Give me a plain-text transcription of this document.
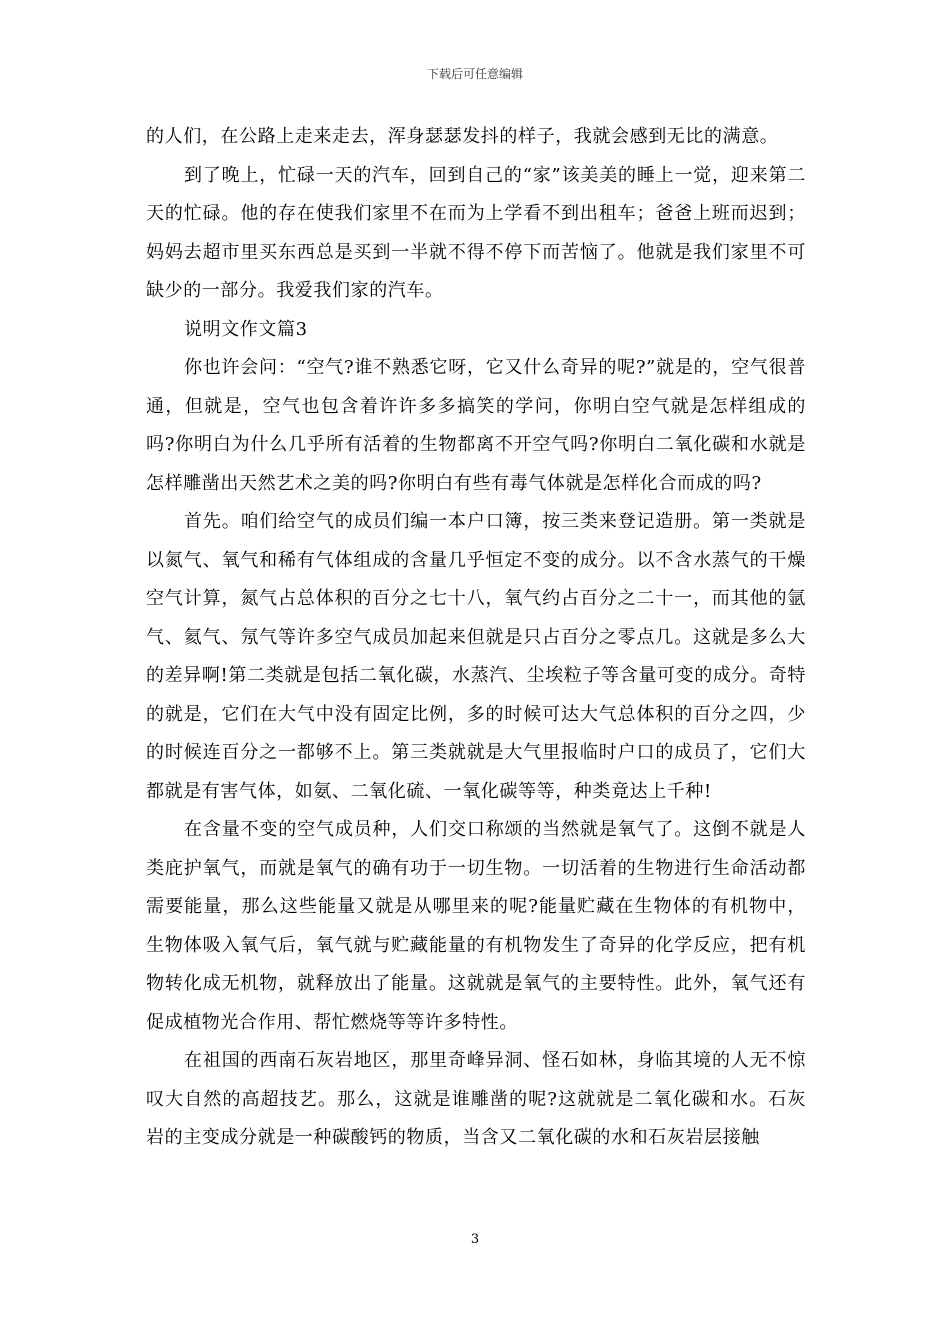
下载后可任意编辑

的人们，在公路上走来走去，浑身瑟瑟发抖的样子，我就会感到无比的满意。

到了晚上，忙碌一天的汽车，回到自己的“家”该美美的睡上一觉，迎来第二天的忙碌。他的存在使我们家里不在而为上学看不到出租车；爸爸上班而迟到；妈妈去超市里买东西总是买到一半就不得不停下而苦恼了。他就是我们家里不可缺少的一部分。我爱我们家的汽车。

说明文作文篇3

你也许会问：“空气?谁不熟悉它呀，它又什么奇异的呢?”就是的，空气很普通，但就是，空气也包含着许许多多搞笑的学问，你明白空气就是怎样组成的吗?你明白为什么几乎所有活着的生物都离不开空气吗?你明白二氧化碳和水就是怎样雕凿出天然艺术之美的吗?你明白有些有毒气体就是怎样化合而成的吗?

首先。咱们给空气的成员们编一本户口簿，按三类来登记造册。第一类就是以氮气、氧气和稀有气体组成的含量几乎恒定不变的成分。以不含水蒸气的干燥空气计算，氮气占总体积的百分之七十八，氧气约占百分之二十一，而其他的氩气、氦气、氖气等许多空气成员加起来但就是只占百分之零点几。这就是多么大的差异啊!第二类就是包括二氧化碳，水蒸汽、尘埃粒子等含量可变的成分。奇特的就是，它们在大气中没有固定比例，多的时候可达大气总体积的百分之四，少的时候连百分之一都够不上。第三类就就是大气里报临时户口的成员了，它们大都就是有害气体，如氨、二氧化硫、一氧化碳等等，种类竟达上千种!

在含量不变的空气成员种，人们交口称颂的当然就是氧气了。这倒不就是人类庇护氧气，而就是氧气的确有功于一切生物。一切活着的生物进行生命活动都需要能量，那么这些能量又就是从哪里来的呢?能量贮藏在生物体的有机物中，生物体吸入氧气后，氧气就与贮藏能量的有机物发生了奇异的化学反应，把有机物转化成无机物，就释放出了能量。这就就是氧气的主要特性。此外，氧气还有促成植物光合作用、帮忙燃烧等等许多特性。

在祖国的西南石灰岩地区，那里奇峰异洞、怪石如林，身临其境的人无不惊叹大自然的高超技艺。那么，这就是谁雕凿的呢?这就就是二氧化碳和水。石灰岩的主变成分就是一种碳酸钙的物质，当含又二氧化碳的水和石灰岩层接触

3
